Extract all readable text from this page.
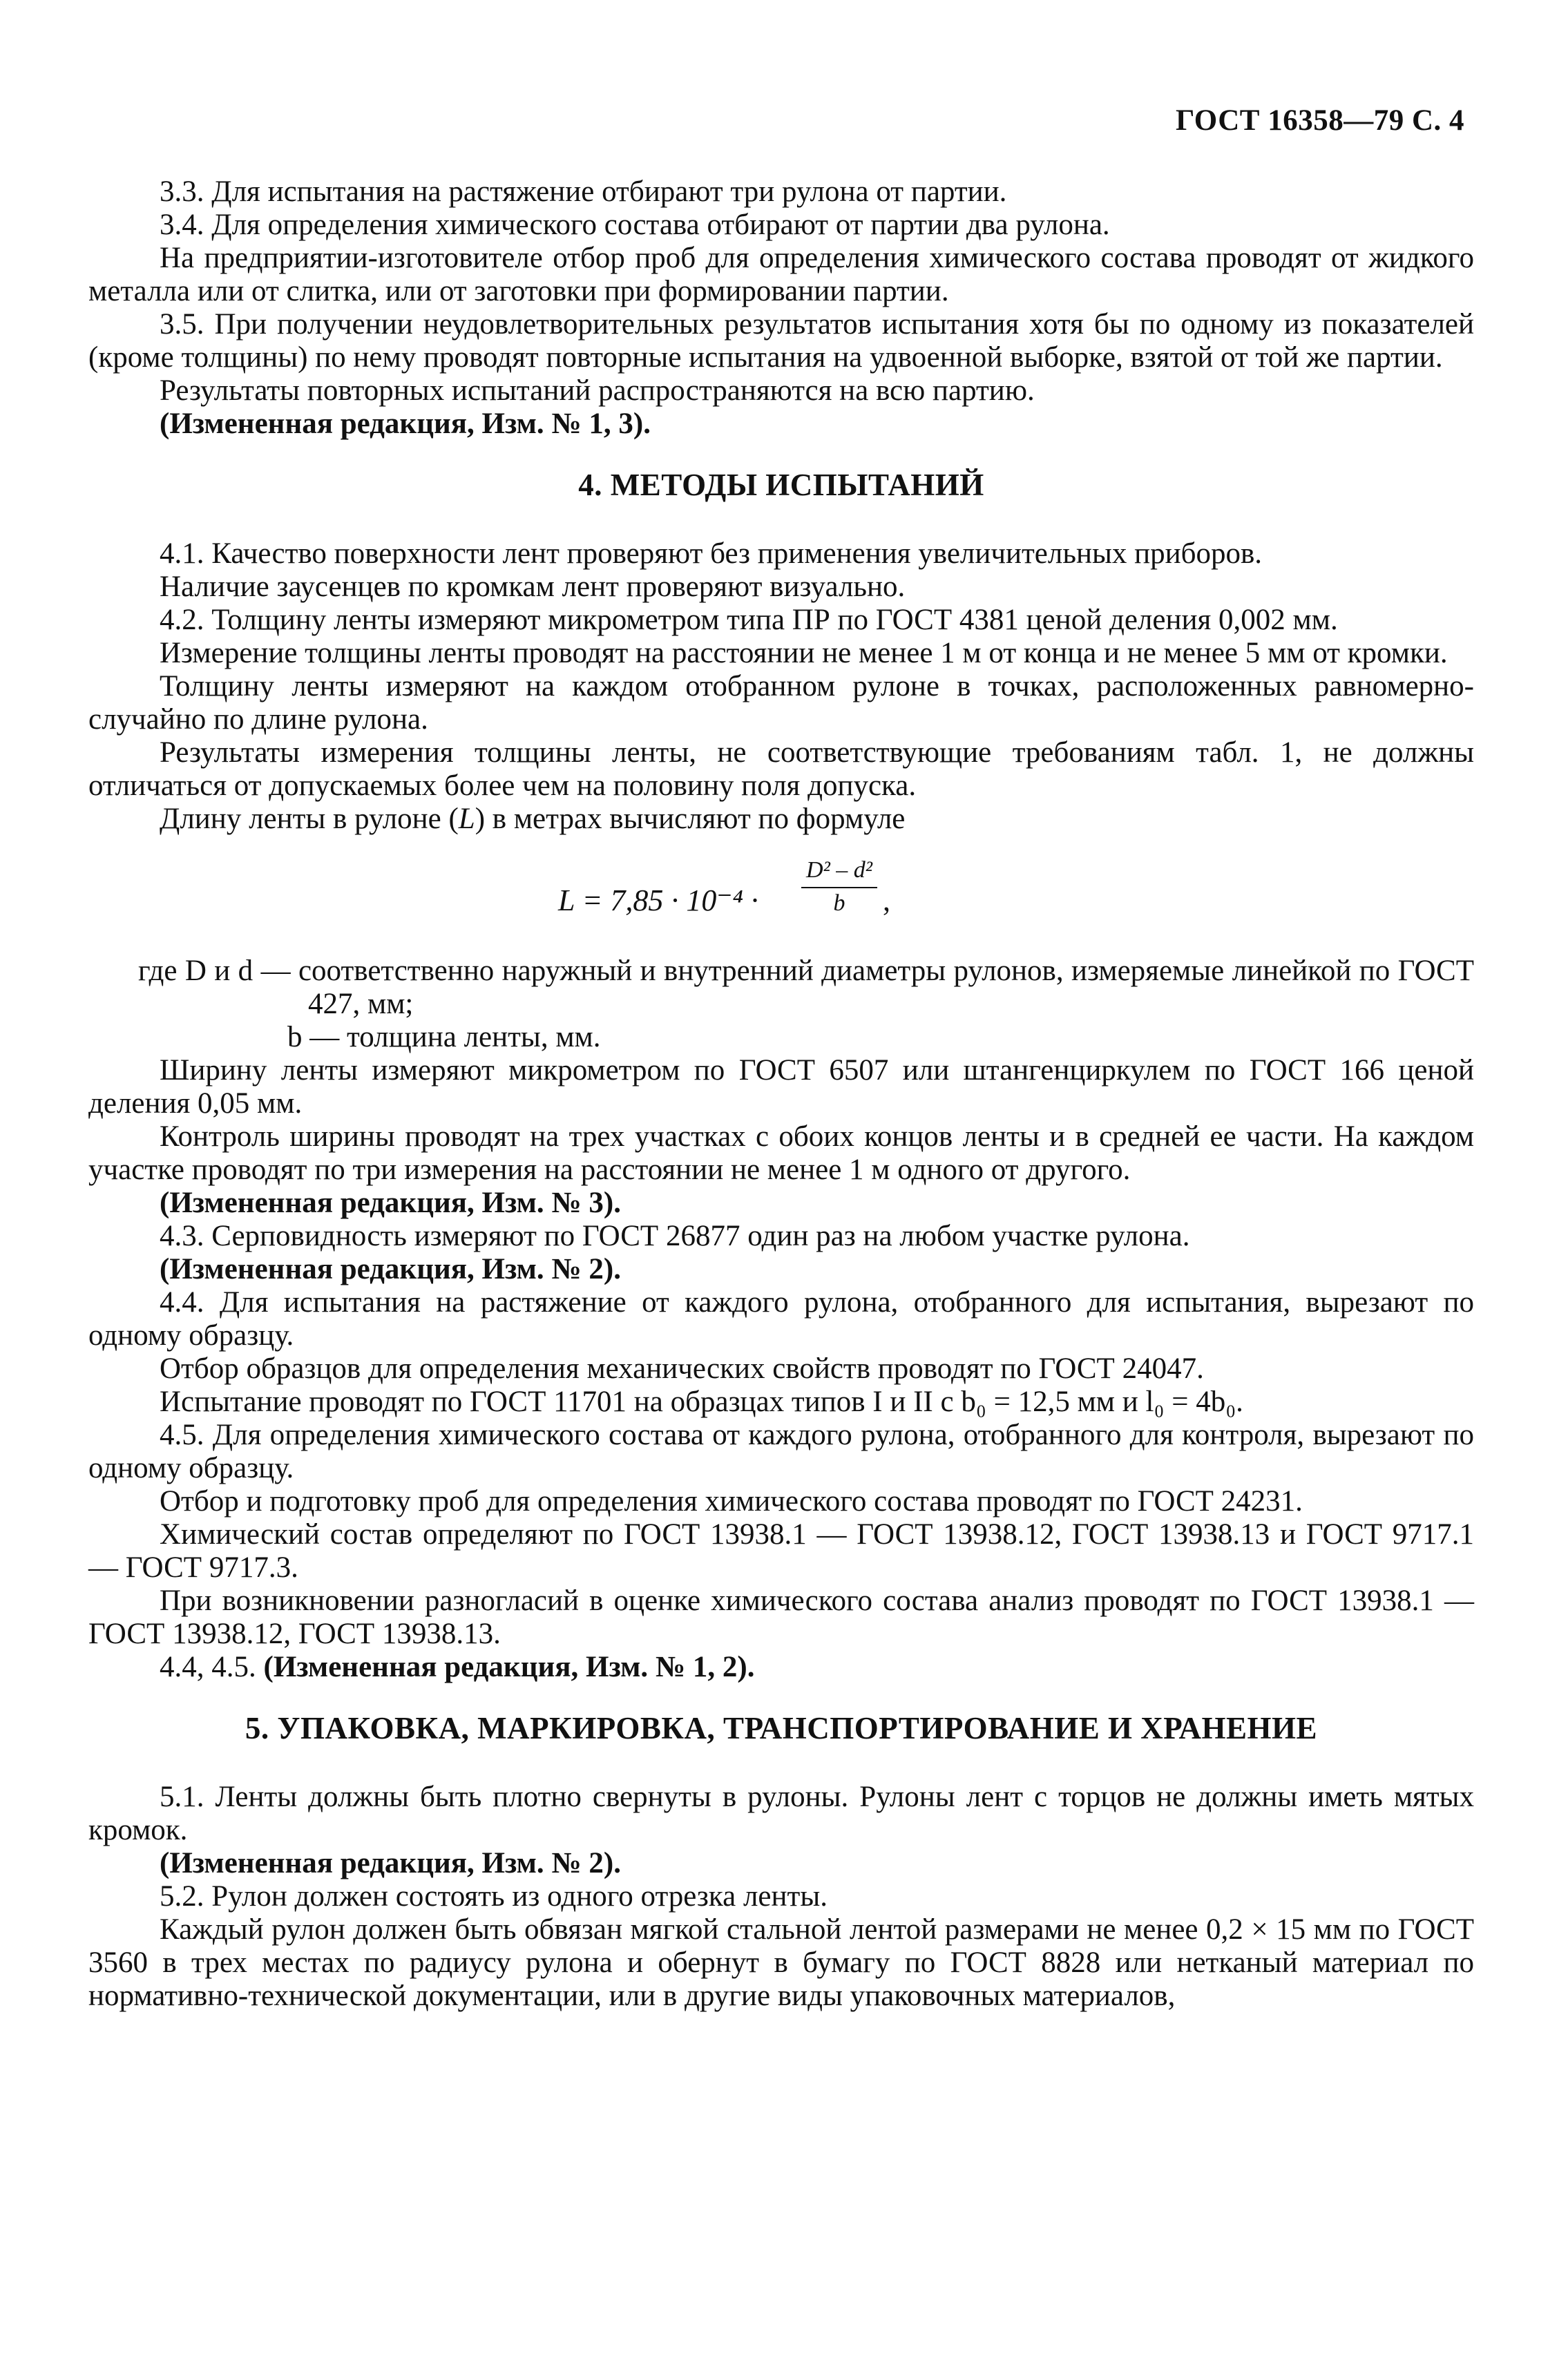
ГОСТ 16358—79 С. 4

3.3. Для испытания на растяжение отбирают три рулона от партии.

3.4. Для определения химического состава отбирают от партии два рулона.

На предприятии-изготовителе отбор проб для определения химического состава проводят от жидкого металла или от слитка, или от заготовки при формировании партии.

3.5. При получении неудовлетворительных результатов испытания хотя бы по одному из показателей (кроме толщины) по нему проводят повторные испытания на удвоенной выборке, взятой от той же партии.

Результаты повторных испытаний распространяются на всю партию.

(Измененная редакция, Изм. № 1, 3).

4. МЕТОДЫ ИСПЫТАНИЙ

4.1. Качество поверхности лент проверяют без применения увеличительных приборов.

Наличие заусенцев по кромкам лент проверяют визуально.

4.2. Толщину ленты измеряют микрометром типа ПР по ГОСТ 4381 ценой деления 0,002 мм.

Измерение толщины ленты проводят на расстоянии не менее 1 м от конца и не менее 5 мм от кромки.

Толщину ленты измеряют на каждом отобранном рулоне в точках, расположенных равномерно-случайно по длине рулона.

Результаты измерения толщины ленты, не соответствующие требованиям табл. 1, не должны отличаться от допускаемых более чем на половину поля допуска.

Длину ленты в рулоне (L) в метрах вычисляют по формуле

L = 7,85 · 10⁻⁴ ·
D² – d²
b	,

где D и d — соответственно наружный и внутренний диаметры рулонов, измеряемые линейкой по ГОСТ 427, мм;

b — толщина ленты, мм.

Ширину ленты измеряют микрометром по ГОСТ 6507 или штангенциркулем по ГОСТ 166 ценой деления 0,05 мм.

Контроль ширины проводят на трех участках с обоих концов ленты и в средней ее части. На каждом участке проводят по три измерения на расстоянии не менее 1 м одного от другого.

(Измененная редакция, Изм. № 3).

4.3. Серповидность измеряют по ГОСТ 26877 один раз на любом участке рулона.

(Измененная редакция, Изм. № 2).

4.4. Для испытания на растяжение от каждого рулона, отобранного для испытания, вырезают по одному образцу.

Отбор образцов для определения механических свойств проводят по ГОСТ 24047.

Испытание проводят по ГОСТ 11701 на образцах типов I и II с b₀ = 12,5 мм и l₀ = 4b₀.

4.5. Для определения химического состава от каждого рулона, отобранного для контроля, вырезают по одному образцу.

Отбор и подготовку проб для определения химического состава проводят по ГОСТ 24231.

Химический состав определяют по ГОСТ 13938.1 — ГОСТ 13938.12, ГОСТ 13938.13 и ГОСТ 9717.1 — ГОСТ 9717.3.

При возникновении разногласий в оценке химического состава анализ проводят по ГОСТ 13938.1 — ГОСТ 13938.12, ГОСТ 13938.13.

4.4, 4.5. (Измененная редакция, Изм. № 1, 2).

5. УПАКОВКА, МАРКИРОВКА, ТРАНСПОРТИРОВАНИЕ И ХРАНЕНИЕ

5.1. Ленты должны быть плотно свернуты в рулоны. Рулоны лент с торцов не должны иметь мятых кромок.

(Измененная редакция, Изм. № 2).

5.2. Рулон должен состоять из одного отрезка ленты.

Каждый рулон должен быть обвязан мягкой стальной лентой размерами не менее 0,2 × 15 мм по ГОСТ 3560 в трех местах по радиусу рулона и обернут в бумагу по ГОСТ 8828 или нетканый материал по нормативно-технической документации, или в другие виды упаковочных материалов,
